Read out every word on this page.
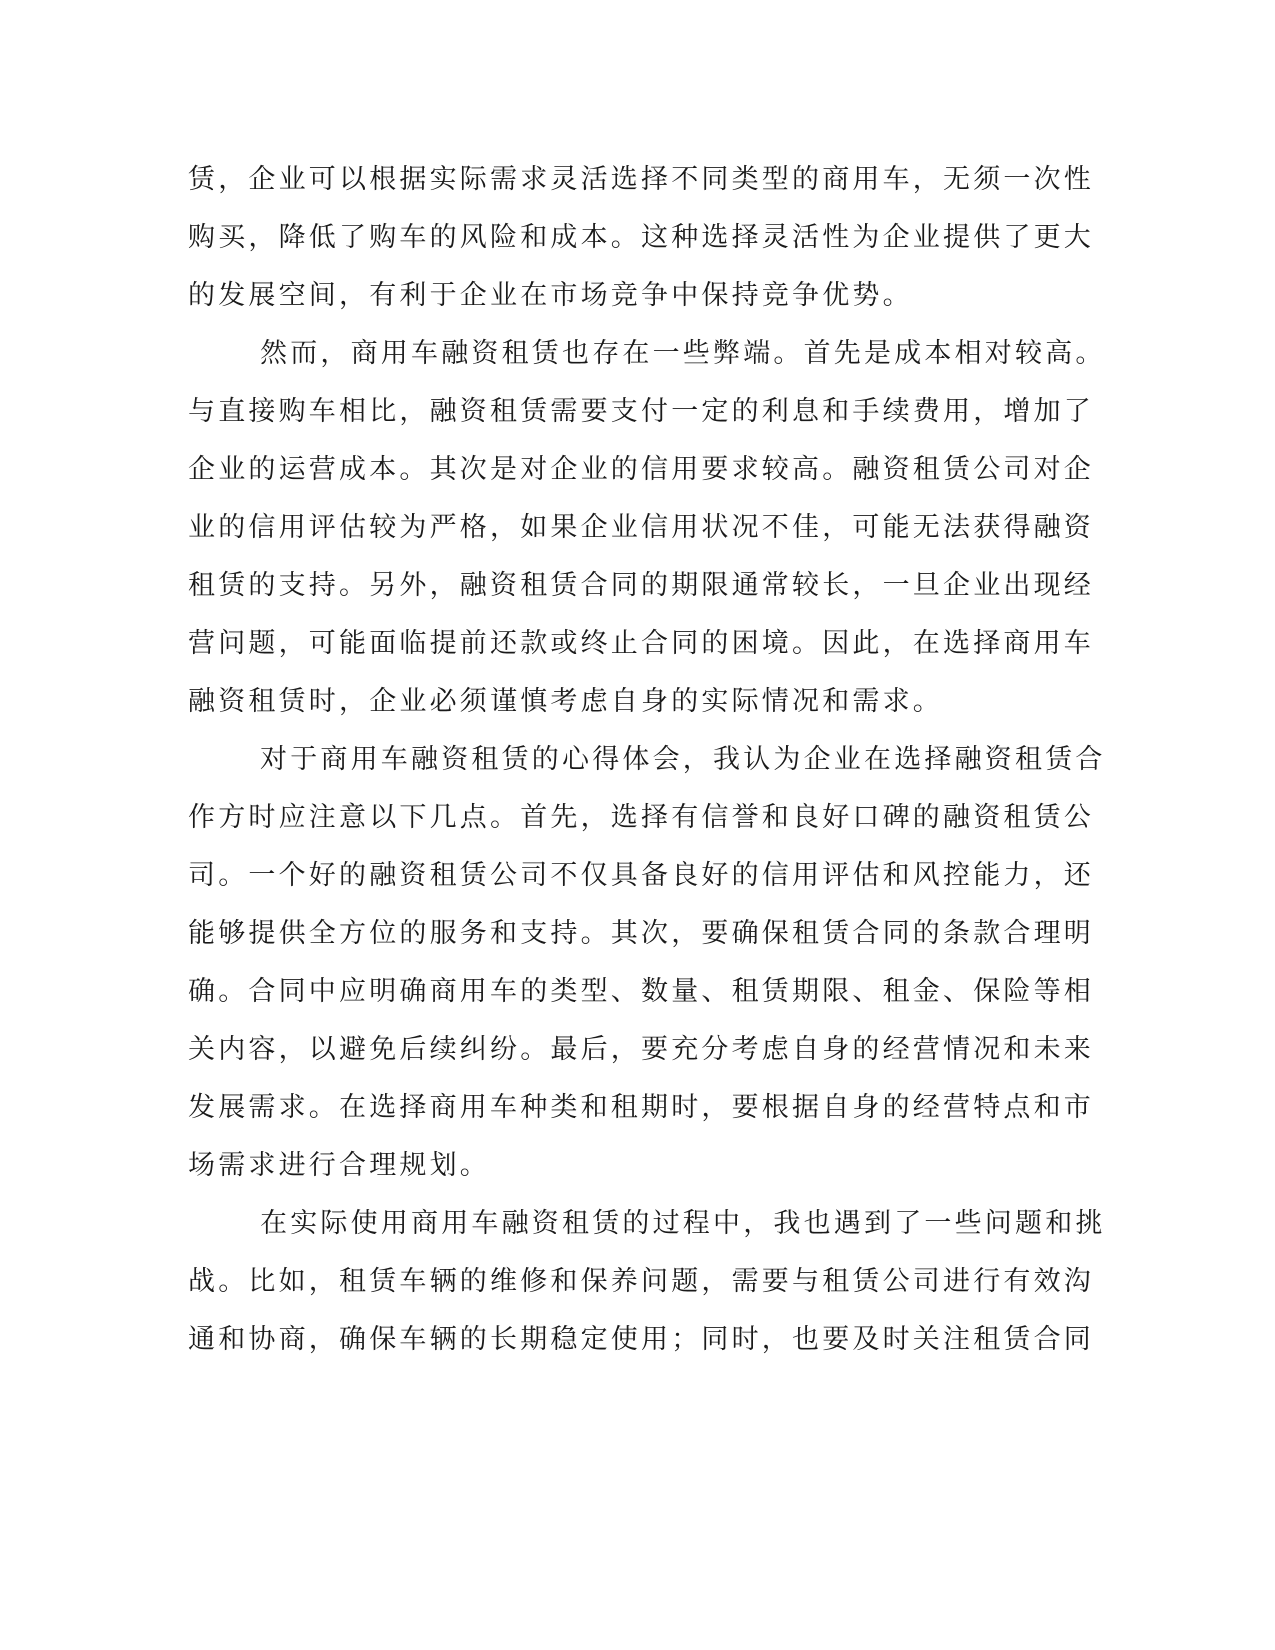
赁，企业可以根据实际需求灵活选择不同类型的商用车，无须一次性
购买，降低了购车的风险和成本。这种选择灵活性为企业提供了更大
的发展空间，有利于企业在市场竞争中保持竞争优势。
然而，商用车融资租赁也存在一些弊端。首先是成本相对较高。
与直接购车相比，融资租赁需要支付一定的利息和手续费用，增加了
企业的运营成本。其次是对企业的信用要求较高。融资租赁公司对企
业的信用评估较为严格，如果企业信用状况不佳，可能无法获得融资
租赁的支持。另外，融资租赁合同的期限通常较长，一旦企业出现经
营问题，可能面临提前还款或终止合同的困境。因此，在选择商用车
融资租赁时，企业必须谨慎考虑自身的实际情况和需求。
对于商用车融资租赁的心得体会，我认为企业在选择融资租赁合
作方时应注意以下几点。首先，选择有信誉和良好口碑的融资租赁公
司。一个好的融资租赁公司不仅具备良好的信用评估和风控能力，还
能够提供全方位的服务和支持。其次，要确保租赁合同的条款合理明
确。合同中应明确商用车的类型、数量、租赁期限、租金、保险等相
关内容，以避免后续纠纷。最后，要充分考虑自身的经营情况和未来
发展需求。在选择商用车种类和租期时，要根据自身的经营特点和市
场需求进行合理规划。
在实际使用商用车融资租赁的过程中，我也遇到了一些问题和挑
战。比如，租赁车辆的维修和保养问题，需要与租赁公司进行有效沟
通和协商，确保车辆的长期稳定使用；同时，也要及时关注租赁合同
